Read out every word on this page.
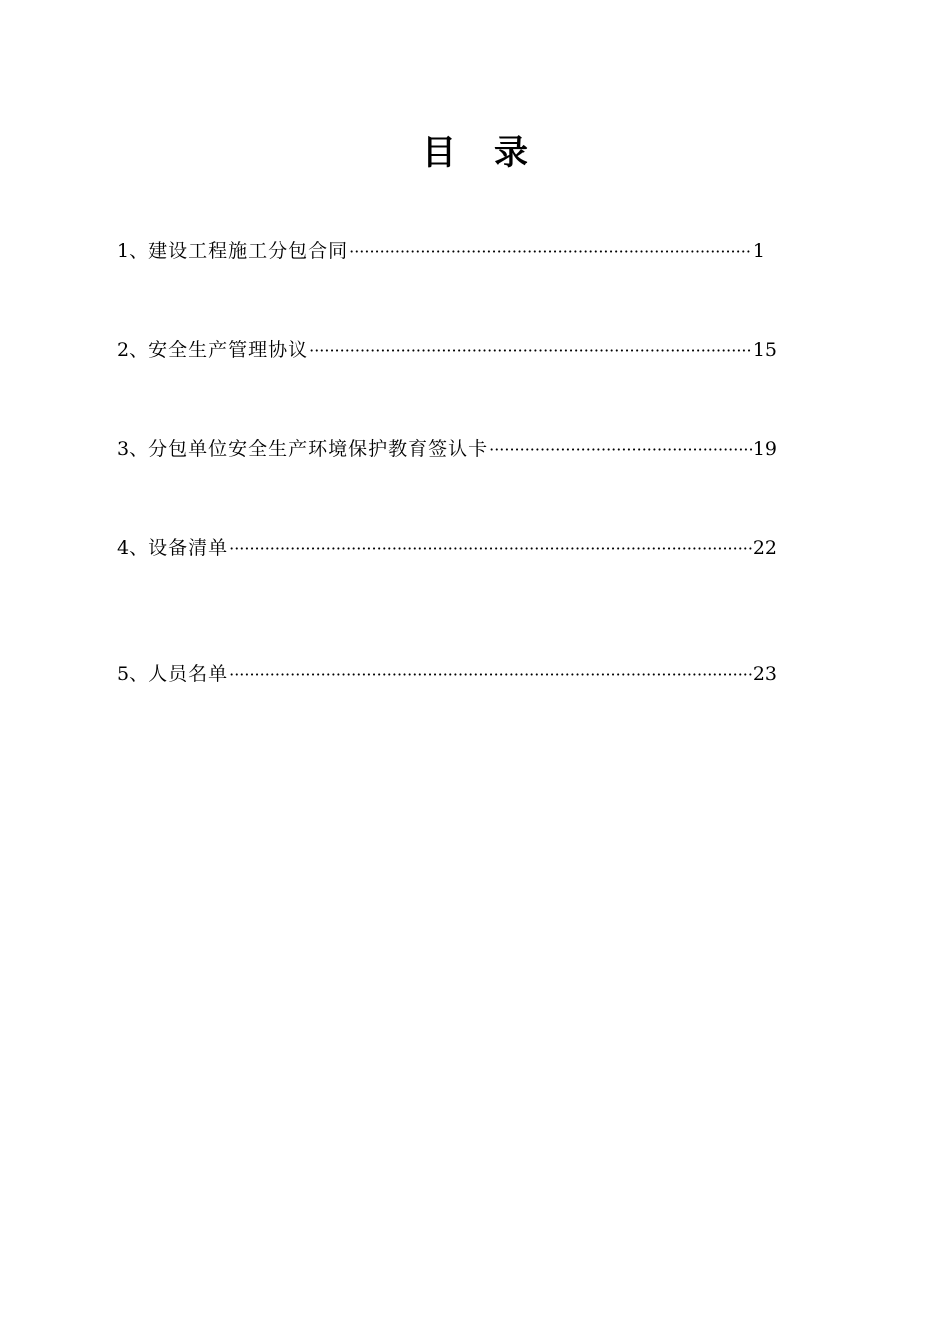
目录
1、 建设工程施工分包合同 ·····	1
2、 安全生产管理协议 ·····	15
3、 分包单位安全生产环境保护教育签认卡 ·····	19
4、 设备清单 ·····	22
5、 人员名单 ·····	23
